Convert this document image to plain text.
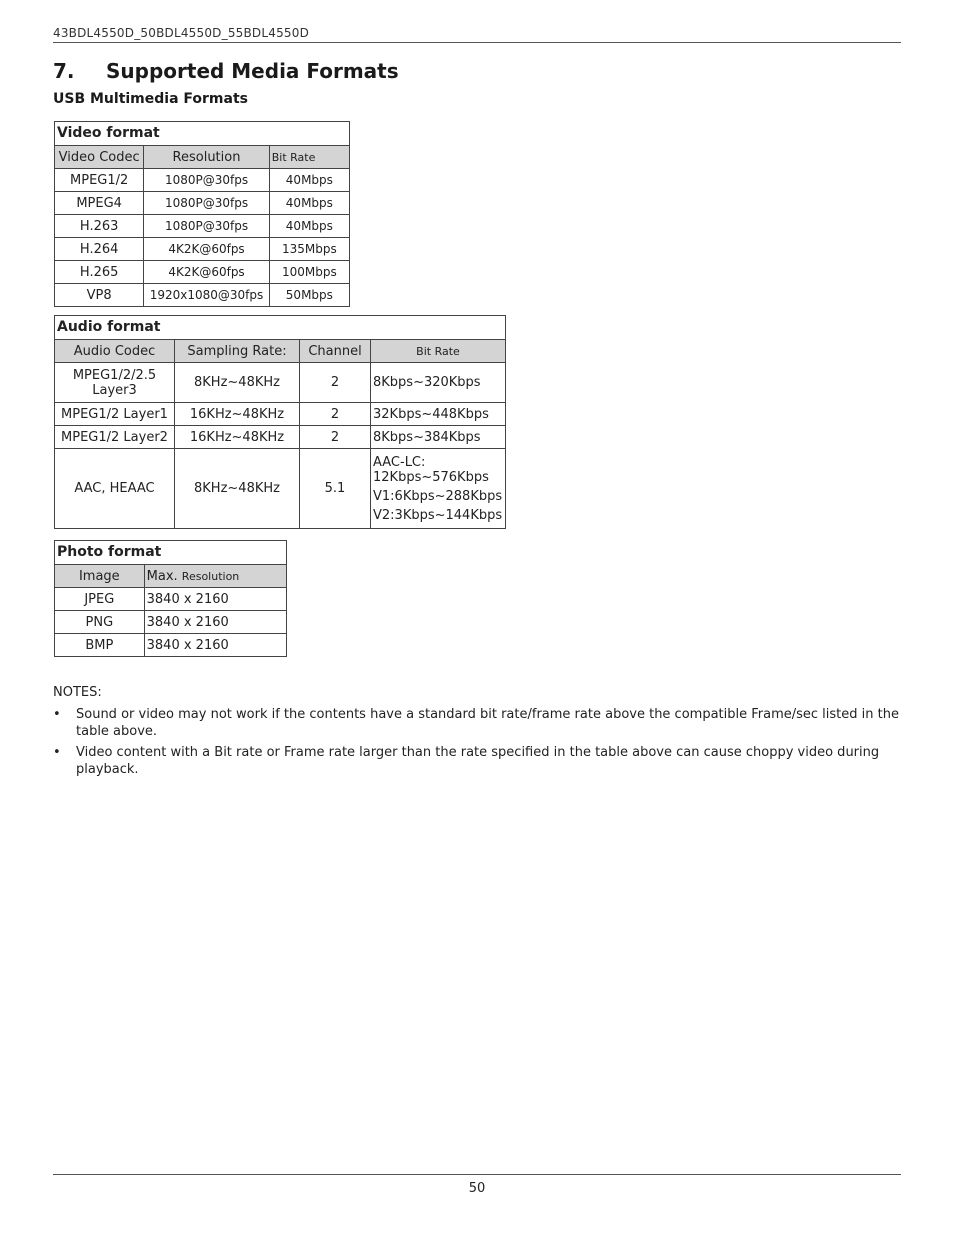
43BDL4550D_50BDL4550D_55BDL4550D
7. Supported Media Formats
USB Multimedia Formats
Video format		
Video Codec	Resolution	Bit Rate
MPEG1/2	1080P@30fps	40Mbps
MPEG4	1080P@30fps	40Mbps
H.263	1080P@30fps	40Mbps
H.264	4K2K@60fps	135Mbps
H.265	4K2K@60fps	100Mbps
VP8	1920x1080@30fps	50Mbps
Audio format			
Audio Codec	Sampling Rate:	Channel	Bit Rate
MPEG1/2/2.5 Layer3	8KHz~48KHz	2	8Kbps~320Kbps
MPEG1/2 Layer1	16KHz~48KHz	2	32Kbps~448Kbps
MPEG1/2 Layer2	16KHz~48KHz	2	8Kbps~384Kbps
AAC, HEAAC	8KHz~48KHz	5.1	AAC-LC: 12Kbps~576Kbps
V1:6Kbps~288Kbps
V2:3Kbps~144Kbps
Photo format	
Image	Max. Resolution
JPEG	3840 x 2160
PNG	3840 x 2160
BMP	3840 x 2160
NOTES:
• Sound or video may not work if the contents have a standard bit rate/frame rate above the compatible Frame/sec listed in the table above.
• Video content with a Bit rate or Frame rate larger than the rate specified in the table above can cause choppy video during playback.
50
